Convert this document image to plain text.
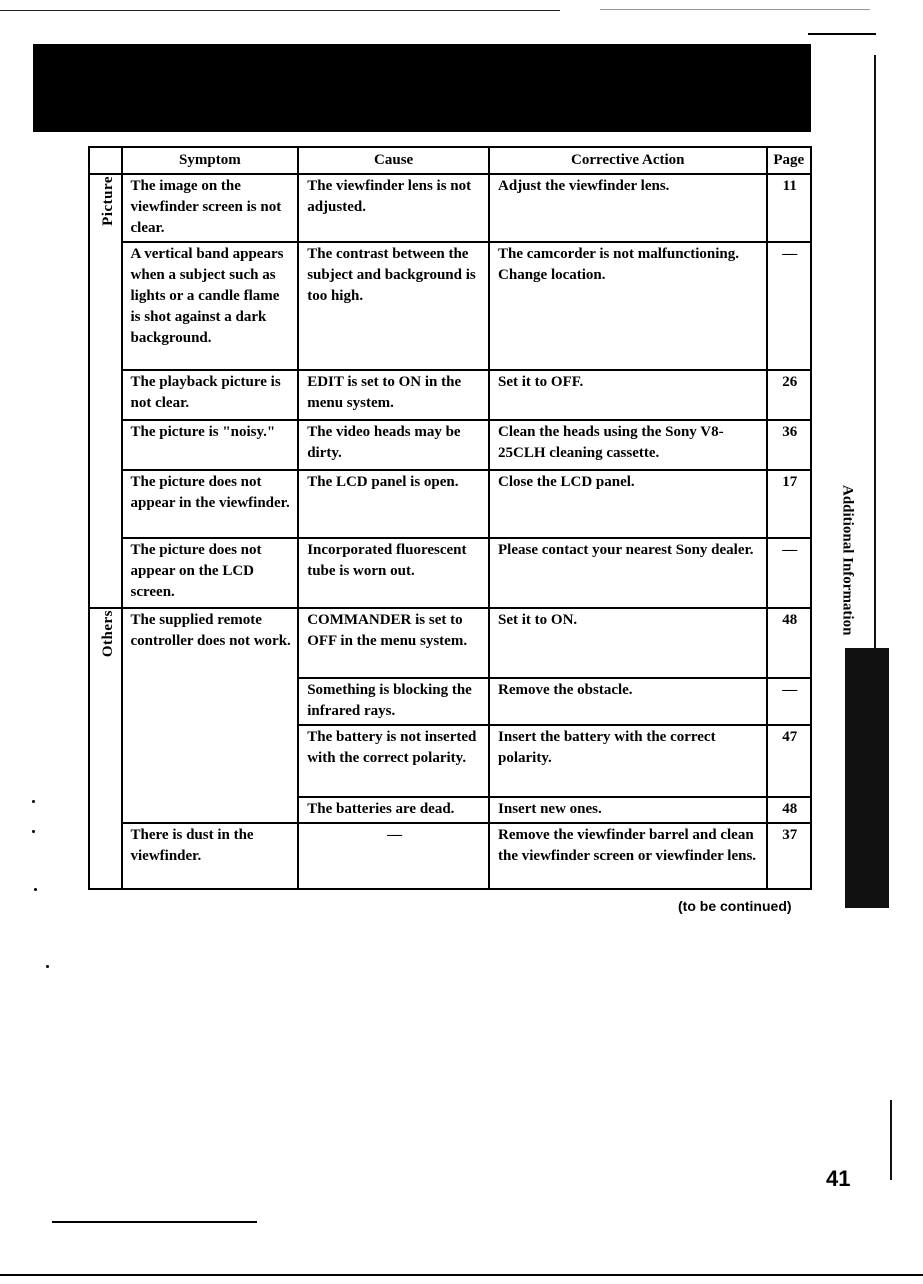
	Symptom	Cause	Corrective Action	Page
Picture	The image on the viewfinder screen is not clear.	The viewfinder lens is not adjusted.	Adjust the viewfinder lens.	11
	A vertical band appears when a subject such as lights or a candle flame is shot against a dark background.	The contrast between the subject and background is too high.	The camcorder is not malfunctioning. Change location.	—
	The playback picture is not clear.	EDIT is set to ON in the menu system.	Set it to OFF.	26
	The picture is "noisy."	The video heads may be dirty.	Clean the heads using the Sony V8-25CLH cleaning cassette.	36
	The picture does not appear in the viewfinder.	The LCD panel is open.	Close the LCD panel.	17
	The picture does not appear on the LCD screen.	Incorporated fluorescent tube is worn out.	Please contact your nearest Sony dealer.	—
Others	The supplied remote controller does not work.	COMMANDER is set to OFF in the menu system.	Set it to ON.	48
		Something is blocking the infrared rays.	Remove the obstacle.	—
		The battery is not inserted with the correct polarity.	Insert the battery with the correct polarity.	47
		The batteries are dead.	Insert new ones.	48
	There is dust in the viewfinder.	—	Remove the viewfinder barrel and clean the viewfinder screen or viewfinder lens.	37
(to be continued)
Additional Information
41
